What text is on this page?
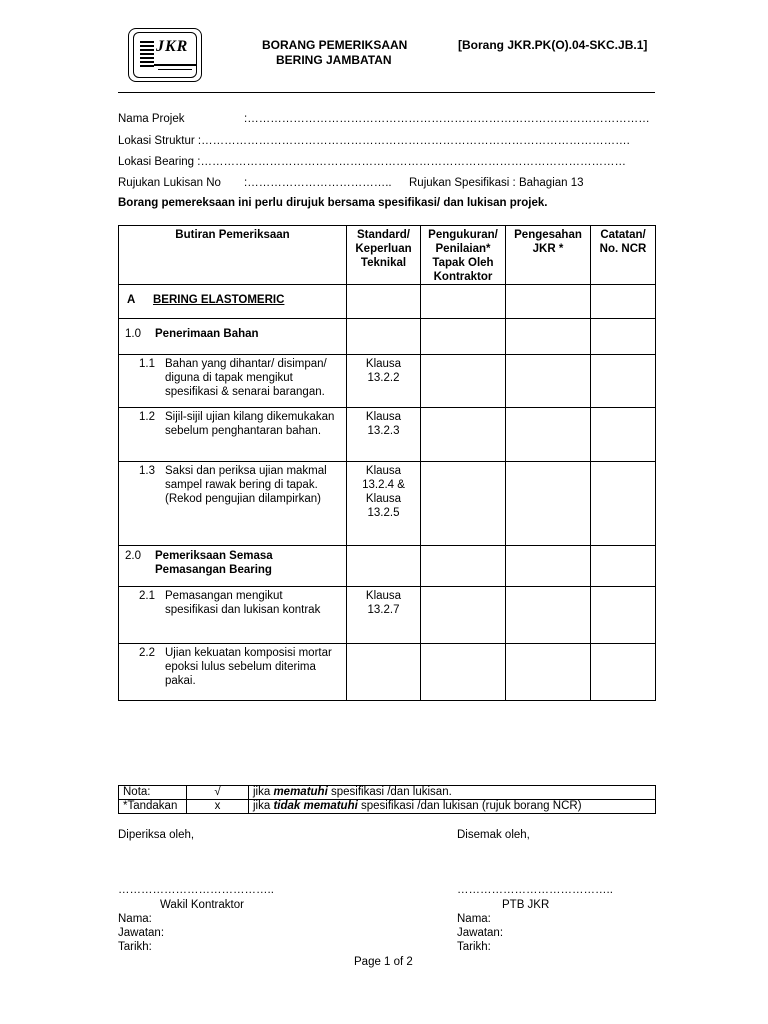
JKR	BORANG PEMERIKSAAN
BERING JAMBATAN
[Borang JKR.PK(O).04-SKC.JB.1]
Nama Projek	:……………………………………………………………………………………………
Lokasi Struktur :………………………………………………………………………………………………….
Lokasi Bearing :…………………………………………………………………………………………………
Rujukan Lukisan No :……………………………….. Rujukan Spesifikasi : Bahagian 13
Borang pemereksaan ini perlu dirujuk bersama spesifikasi/ dan lukisan projek.
Butiran Pemeriksaan	Standard/ Keperluan Teknikal	Pengukuran/ Penilaian* Tapak Oleh Kontraktor	Pengesahan JKR *	Catatan/ No. NCR
A BERING ELASTOMERIC				
1.0 Penerimaan Bahan				
1.1 Bahan yang dihantar/ disimpan/ diguna di tapak mengikut spesifikasi & senarai barangan.	Klausa 13.2.2			
1.2 Sijil-sijil ujian kilang dikemukakan sebelum penghantaran bahan.	Klausa 13.2.3			
1.3 Saksi dan periksa ujian makmal sampel rawak bering di tapak. (Rekod pengujian dilampirkan)	Klausa 13.2.4 & Klausa 13.2.5			
2.0 Pemeriksaan Semasa Pemasangan Bearing				
2.1 Pemasangan mengikut spesifikasi dan lukisan kontrak	Klausa 13.2.7			
2.2 Ujian kekuatan komposisi mortar epoksi lulus sebelum diterima pakai.				
Nota:	√	jika mematuhi spesifikasi /dan lukisan.
*Tandakan	x	jika tidak mematuhi spesifikasi /dan lukisan (rujuk borang NCR)
Diperiksa oleh,	Disemak oleh,
…………………………………..	…………………………………..
Wakil Kontraktor	PTB JKR
Nama:
Jawatan:
Tarikh:
Nama:
Jawatan:
Tarikh:
Page 1 of 2
